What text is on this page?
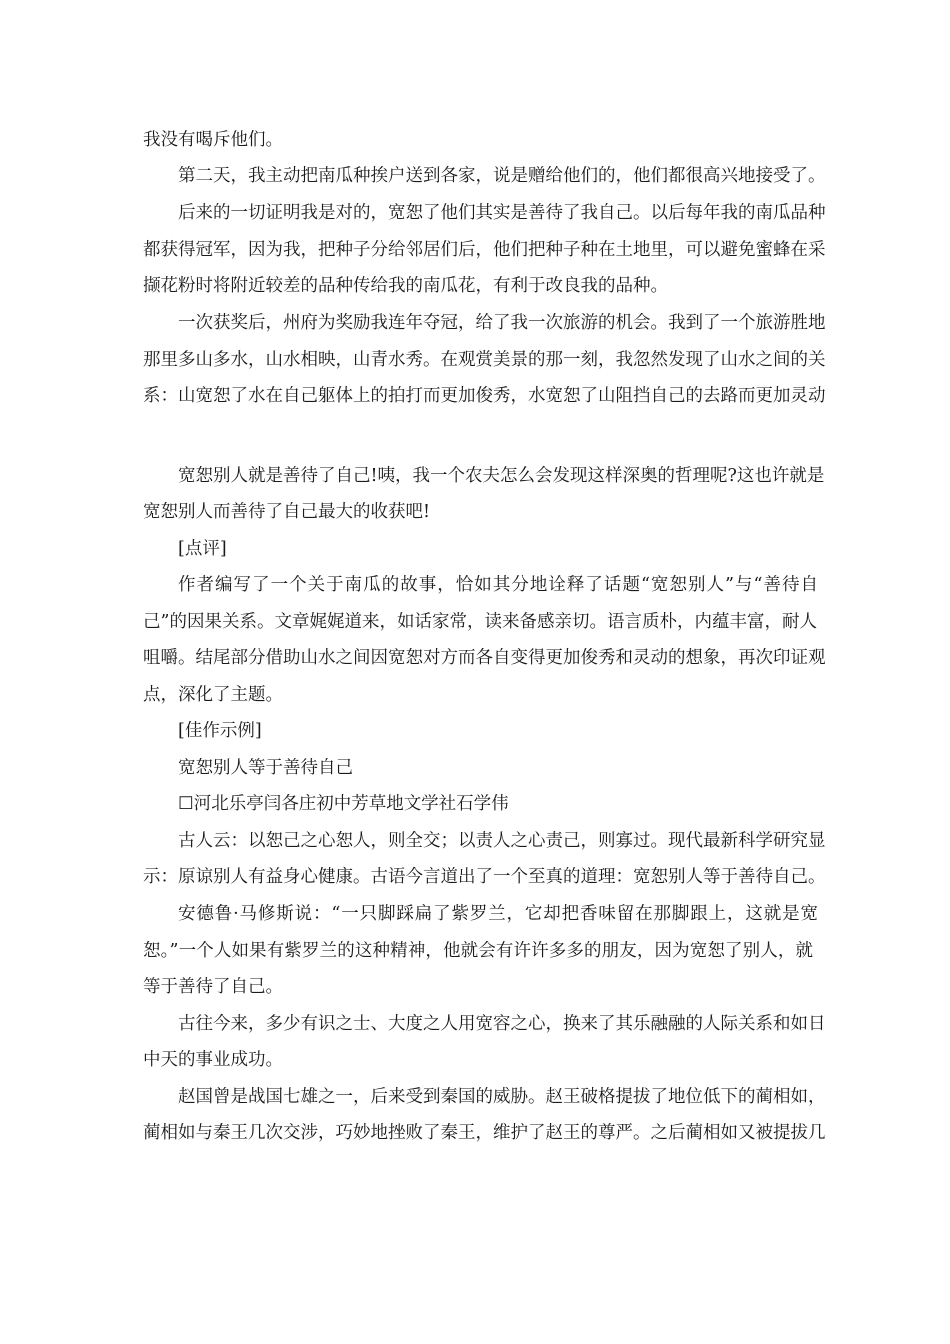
我没有喝斥他们。
第二天，我主动把南瓜种挨户送到各家，说是赠给他们的，他们都很高兴地接受了。
后来的一切证明我是对的，宽恕了他们其实是善待了我自己。以后每年我的南瓜品种
都获得冠军，因为我，把种子分给邻居们后，他们把种子种在土地里，可以避免蜜蜂在采
撷花粉时将附近较差的品种传给我的南瓜花，有利于改良我的品种。
一次获奖后，州府为奖励我连年夺冠，给了我一次旅游的机会。我到了一个旅游胜地
那里多山多水，山水相映，山青水秀。在观赏美景的那一刻，我忽然发现了山水之间的关
系：山宽恕了水在自己躯体上的拍打而更加俊秀，水宽恕了山阻挡自己的去路而更加灵动
宽恕别人就是善待了自己!咦，我一个农夫怎么会发现这样深奥的哲理呢?这也许就是
宽恕别人而善待了自己最大的收获吧!
[点评]
作者编写了一个关于南瓜的故事，恰如其分地诠释了话题“宽恕别人”与“善待自
己”的因果关系。文章娓娓道来，如话家常，读来备感亲切。语言质朴，内蕴丰富，耐人
咀嚼。结尾部分借助山水之间因宽恕对方而各自变得更加俊秀和灵动的想象，再次印证观
点，深化了主题。
[佳作示例]
宽恕别人等于善待自己
☐河北乐亭闫各庄初中芳草地文学社石学伟
古人云：以恕己之心恕人，则全交；以责人之心责己，则寡过。现代最新科学研究显
示：原谅别人有益身心健康。古语今言道出了一个至真的道理：宽恕别人等于善待自己。
安德鲁·马修斯说：“一只脚踩扁了紫罗兰，它却把香味留在那脚跟上，这就是宽
恕。”一个人如果有紫罗兰的这种精神，他就会有许许多多的朋友，因为宽恕了别人，就
等于善待了自己。
古往今来，多少有识之士、大度之人用宽容之心，换来了其乐融融的人际关系和如日
中天的事业成功。
赵国曾是战国七雄之一，后来受到秦国的威胁。赵王破格提拔了地位低下的蔺相如，
蔺相如与秦王几次交涉，巧妙地挫败了秦王，维护了赵王的尊严。之后蔺相如又被提拔几
